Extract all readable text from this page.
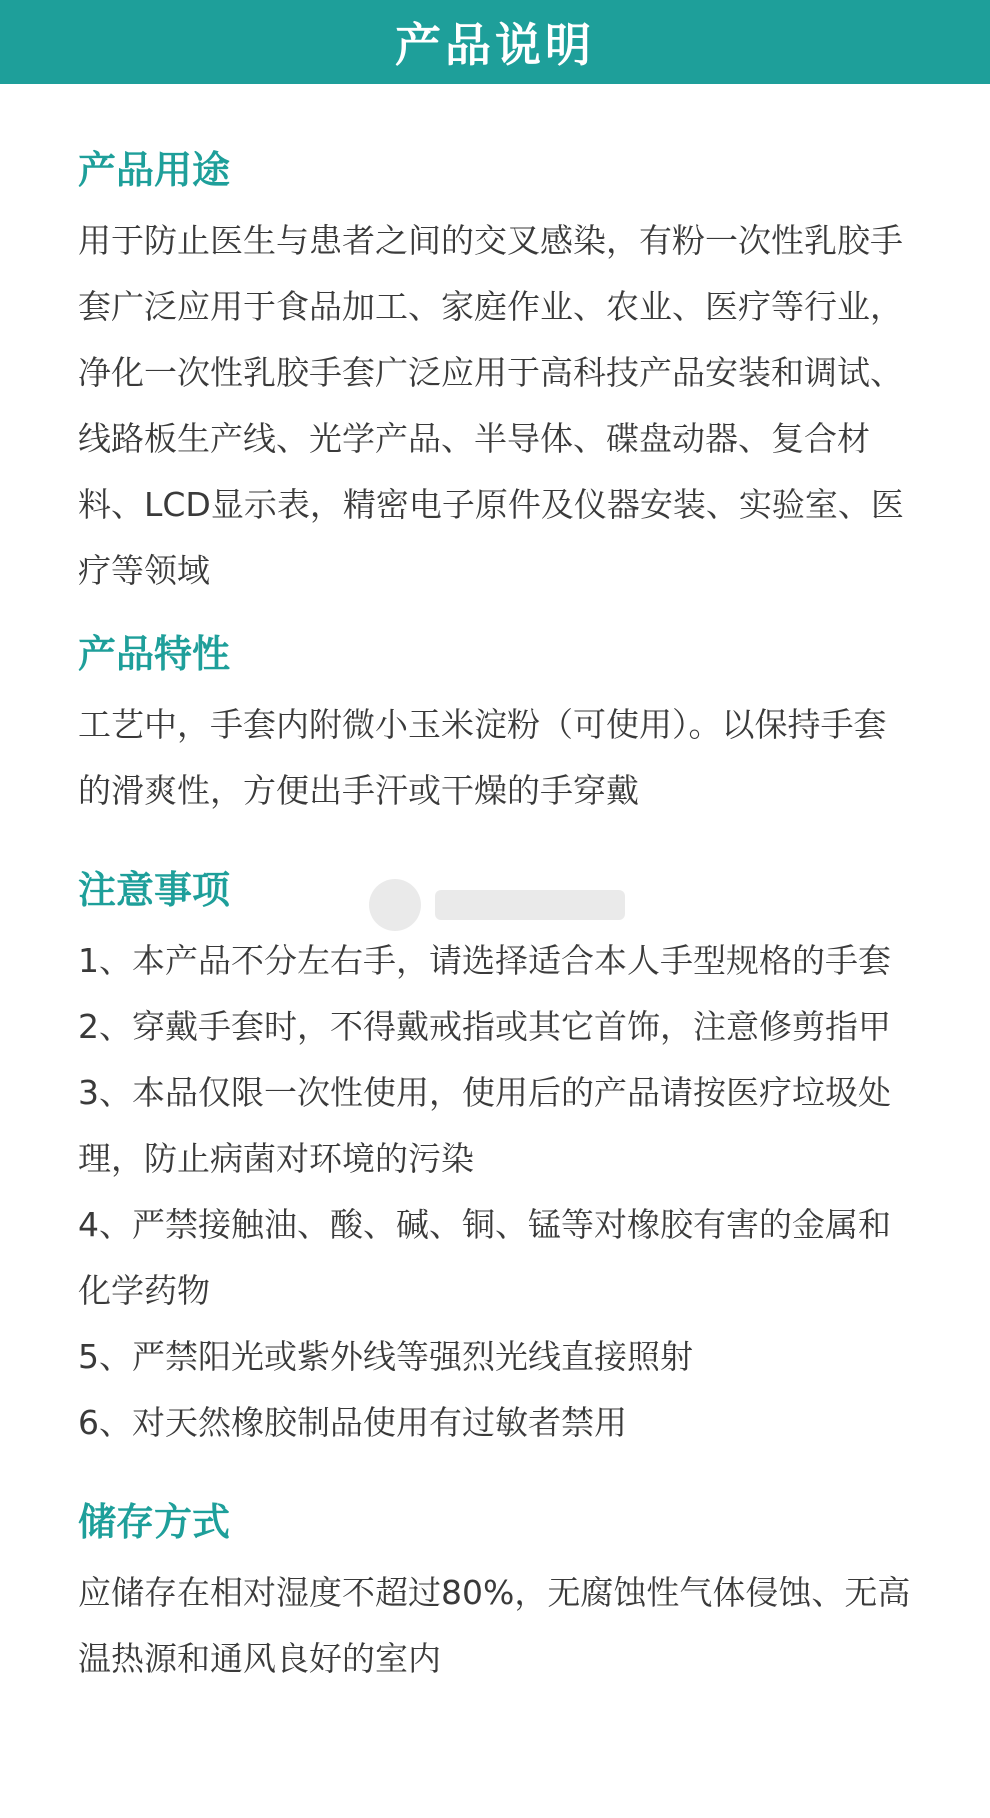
产品说明
产品用途

用于防止医生与患者之间的交叉感染，有粉一次性乳胶手套广泛应用于食品加工、家庭作业、农业、医疗等行业，净化一次性乳胶手套广泛应用于高科技产品安装和调试、线路板生产线、光学产品、半导体、碟盘动器、复合材料、LCD显示表，精密电子原件及仪器安装、实验室、医疗等领域

产品特性

工艺中，手套内附微小玉米淀粉（可使用）。以保持手套的滑爽性，方便出手汗或干燥的手穿戴

注意事项

1、本产品不分左右手，请选择适合本人手型规格的手套

2、穿戴手套时，不得戴戒指或其它首饰，注意修剪指甲

3、本品仅限一次性使用，使用后的产品请按医疗垃圾处理，防止病菌对环境的污染

4、严禁接触油、酸、碱、铜、锰等对橡胶有害的金属和化学药物

5、严禁阳光或紫外线等强烈光线直接照射

6、对天然橡胶制品使用有过敏者禁用

储存方式

应储存在相对湿度不超过80%，无腐蚀性气体侵蚀、无高温热源和通风良好的室内
